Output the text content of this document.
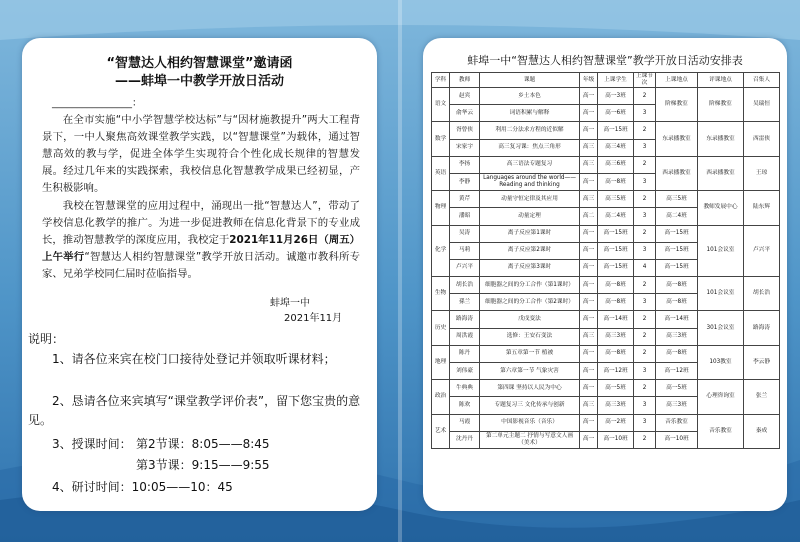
“智慧达人相约智慧课堂”邀请函
——蚌埠一中教学开放日活动
________________：
在全市实施“中小学智慧学校达标”与“因材施教提升”两大工程背景下，一中人聚焦高效课堂教学实践，以“智慧课堂”为载体，通过智慧高效的教与学，促进全体学生实现符合个性化成长规律的智慧发展。经过几年来的实践探索，我校信息化智慧教学成果已经初显，产生积极影响。
我校在智慧课堂的应用过程中，涌现出一批“智慧达人”，带动了学校信息化教学的推广。为进一步促进教师在信息化背景下的专业成长，推动智慧教学的深度应用，我校定于2021年11月26日（周五）上午举行“智慧达人相约智慧课堂”教学开放日活动。诚邀市教科所专家、兄弟学校同仁届时莅临指导。
蚌埠一中
2021年11月
说明：
1、请各位来宾在校门口接待处登记并领取听课材料；
2、恳请各位来宾填写“课堂教学评价表”，留下您宝贵的意见。
3、授课时间： 第2节课：8:05——8:45
第3节课：9:15——9:55
4、研讨时间：10:05——10：45
蚌埠一中“智慧达人相约智慧课堂”教学开放日活动安排表
学科	教师	课题	年级	上课学生	上课节次	上课地点	评课地点	召集人
语文	赵宾	乡土本色	高一	高一3班	2	阶梯教室	阶梯教室	吴瑞恒
	俞华云	词语积累与解释	高一	高一6班	3			
数学	胥曾侠	利用二分法求方程的近似解	高一	高一15班	2	东录播教室	东录播教室	西雷侠
	宋家宇	高三复习课：焦点三角形	高三	高三4班	3			
英语	李扬	高三语法专题复习	高三	高三6班	2	西录播教室	西录播教室	王琼
	李静	Languages around the world——Reading and thinking	高一	高一8班	3			
物理	黄芹	动量守恒定律及其应用	高三	高三5班	2	高三5班	教师发展中心	陆东辉
	潘昭	动量定理	高二	高二4班	3	高二4班		
化学	吴涛	离子反应第1课时	高一	高一15班	2	高一15班	101会议室	卢兴平
	马莉	离子反应第2课时	高一	高一15班	3	高一15班		
	卢兴平	离子反应第3课时	高一	高一15班	4	高一15班		
生物	胡长浩	细胞器之间的分工合作（第1课时）	高一	高一8班	2	高一8班	101会议室	胡长浩
	孫兰	细胞器之间的分工合作（第2课时）	高一	高一8班	3	高一8班		
历史	路海涛	戊戌变法	高一	高一14班	2	高一14班	301会议室	路海涛
	周洪霞	选修：王安石变法	高三	高三3班	2	高三3班		
地理	陈丹	第五章第一节 植被	高一	高一8班	2	高一8班	103教室	李云静
	刘伟豪	第六章第一节 气象灾害	高一	高一12班	3	高一12班		
政治	牛典典	第四课 坚持以人民为中心	高一	高一5班	2	高一5班	心理咨询室	张兰
	陈欢	专题复习三 文化传承与创新	高三	高三3班	3	高三3班		
艺术	马霞	中国影视音乐（音乐）	高一	高一2班	3	音乐教室	音乐教室	秦成
	沈丹丹	第二单元主题二 抒情与写意文人画（美术）	高一	高一10班	2	高一10班		
